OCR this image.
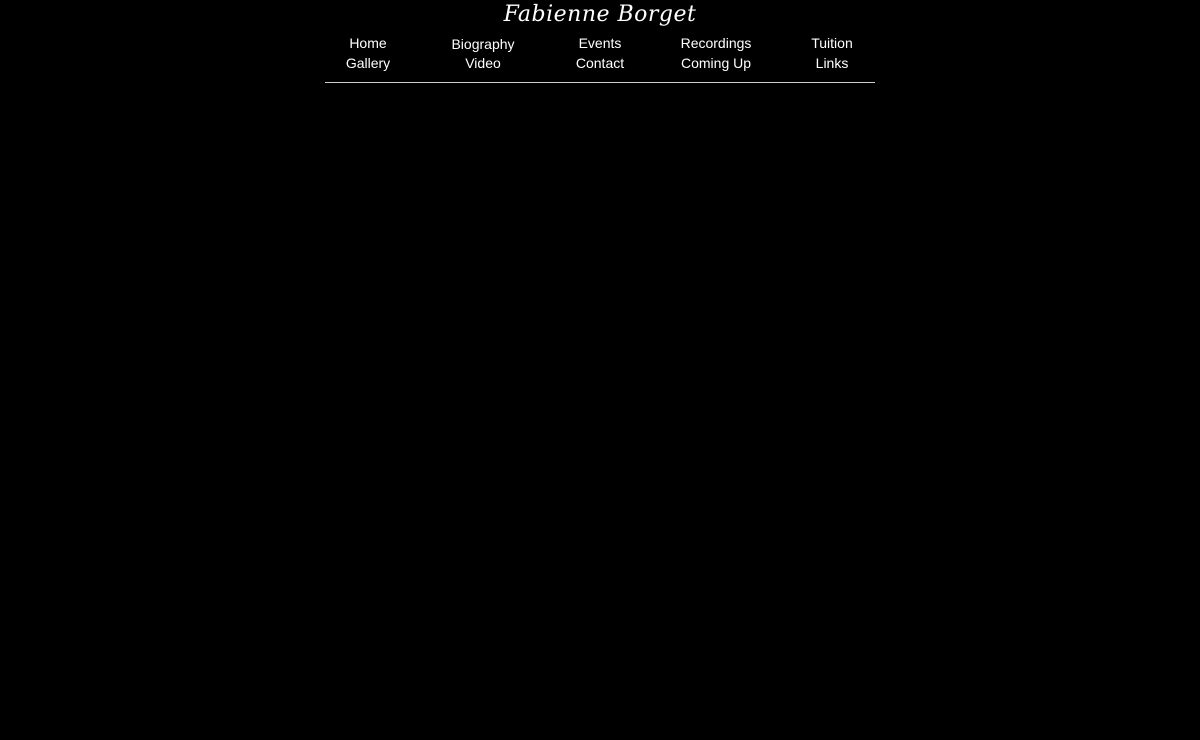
Fabienne Borget
Home	Biography	Events	Recordings	Tuition
Gallery	Video	Contact	Coming Up	Links
